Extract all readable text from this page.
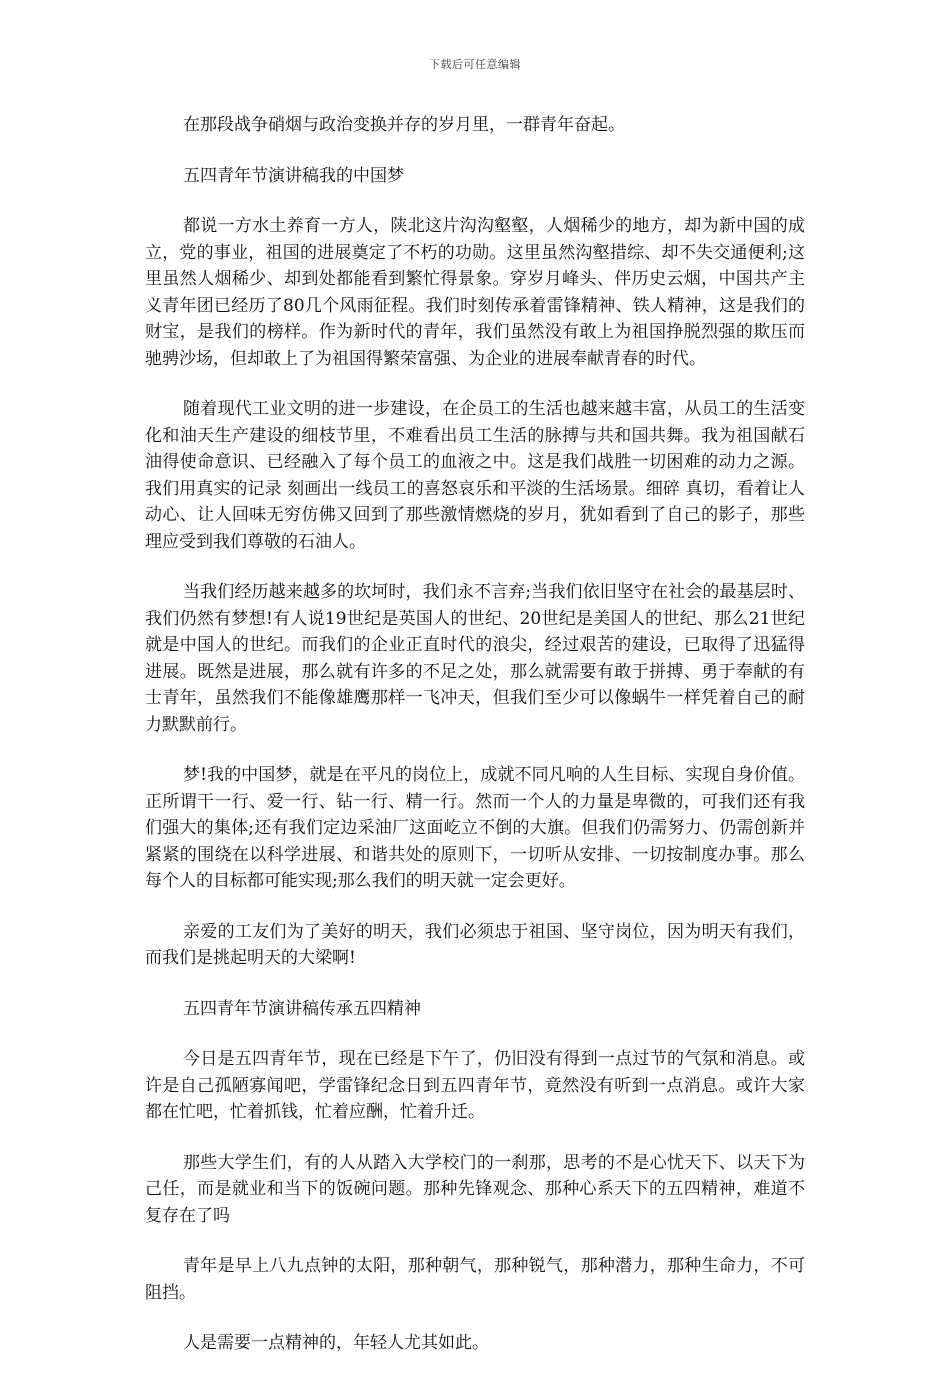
下载后可任意编辑

在那段战争硝烟与政治变换并存的岁月里，一群青年奋起。

五四青年节演讲稿我的中国梦

都说一方水土养育一方人，陕北这片沟沟壑壑，人烟稀少的地方，却为新中国的成立，党的事业，祖国的进展奠定了不朽的功勋。这里虽然沟壑措综、却不失交通便利;这里虽然人烟稀少、却到处都能看到繁忙得景象。穿岁月峰头、伴历史云烟，中国共产主义青年团已经历了80几个风雨征程。我们时刻传承着雷锋精神、铁人精神，这是我们的财宝，是我们的榜样。作为新时代的青年，我们虽然没有敢上为祖国挣脱烈强的欺压而驰骋沙场，但却敢上了为祖国得繁荣富强、为企业的进展奉献青春的时代。

随着现代工业文明的进一步建设，在企员工的生活也越来越丰富，从员工的生活变化和油天生产建设的细枝节里，不难看出员工生活的脉搏与共和国共舞。我为祖国献石油得使命意识、已经融入了每个员工的血液之中。这是我们战胜一切困难的动力之源。我们用真实的记录 刻画出一线员工的喜怒哀乐和平淡的生活场景。细碎 真切，看着让人动心、让人回味无穷仿佛又回到了那些激情燃烧的岁月，犹如看到了自己的影子，那些理应受到我们尊敬的石油人。

当我们经历越来越多的坎坷时，我们永不言弃;当我们依旧坚守在社会的最基层时、我们仍然有梦想!有人说19世纪是英国人的世纪、20世纪是美国人的世纪、那么21世纪就是中国人的世纪。而我们的企业正直时代的浪尖，经过艰苦的建设，已取得了迅猛得进展。既然是进展，那么就有许多的不足之处，那么就需要有敢于拼搏、勇于奉献的有士青年，虽然我们不能像雄鹰那样一飞冲天，但我们至少可以像蜗牛一样凭着自己的耐力默默前行。

梦!我的中国梦，就是在平凡的岗位上，成就不同凡响的人生目标、实现自身价值。正所谓干一行、爱一行、钻一行、精一行。然而一个人的力量是卑微的，可我们还有我们强大的集体;还有我们定边采油厂这面屹立不倒的大旗。但我们仍需努力、仍需创新并紧紧的围绕在以科学进展、和谐共处的原则下，一切听从安排、一切按制度办事。那么每个人的目标都可能实现;那么我们的明天就一定会更好。

亲爱的工友们为了美好的明天，我们必须忠于祖国、坚守岗位，因为明天有我们，而我们是挑起明天的大梁啊!

五四青年节演讲稿传承五四精神

今日是五四青年节，现在已经是下午了，仍旧没有得到一点过节的气氛和消息。或许是自己孤陋寡闻吧，学雷锋纪念日到五四青年节，竟然没有听到一点消息。或许大家都在忙吧，忙着抓钱，忙着应酬，忙着升迁。

那些大学生们，有的人从踏入大学校门的一刹那，思考的不是心忧天下、以天下为己任，而是就业和当下的饭碗问题。那种先锋观念、那种心系天下的五四精神，难道不复存在了吗

青年是早上八九点钟的太阳，那种朝气，那种锐气，那种潜力，那种生命力，不可阻挡。

人是需要一点精神的，年轻人尤其如此。
